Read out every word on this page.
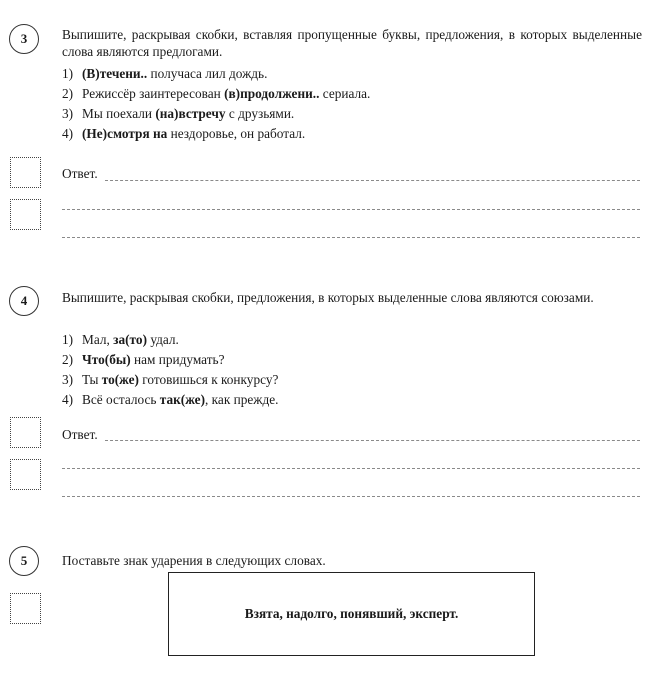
3	Выпишите, раскрывая скобки, вставляя пропущенные буквы, предложения, в которых выделенные слова являются предлогами.
1) (В)течени.. получаса лил дождь.
2) Режиссёр заинтересован (в)продолжени.. сериала.
3) Мы поехали (на)встречу с друзьями.
4) (Не)смотря на нездоровье, он работал.
Ответ.
4	Выпишите, раскрывая скобки, предложения, в которых выделенные слова являются союзами.
1) Мал, за(то) удал.
2) Что(бы) нам придумать?
3) Ты то(же) готовишься к конкурсу?
4) Всё осталось так(же), как прежде.
Ответ.
5	Поставьте знак ударения в следующих словах.
Взята, надолго, понявший, эксперт.
